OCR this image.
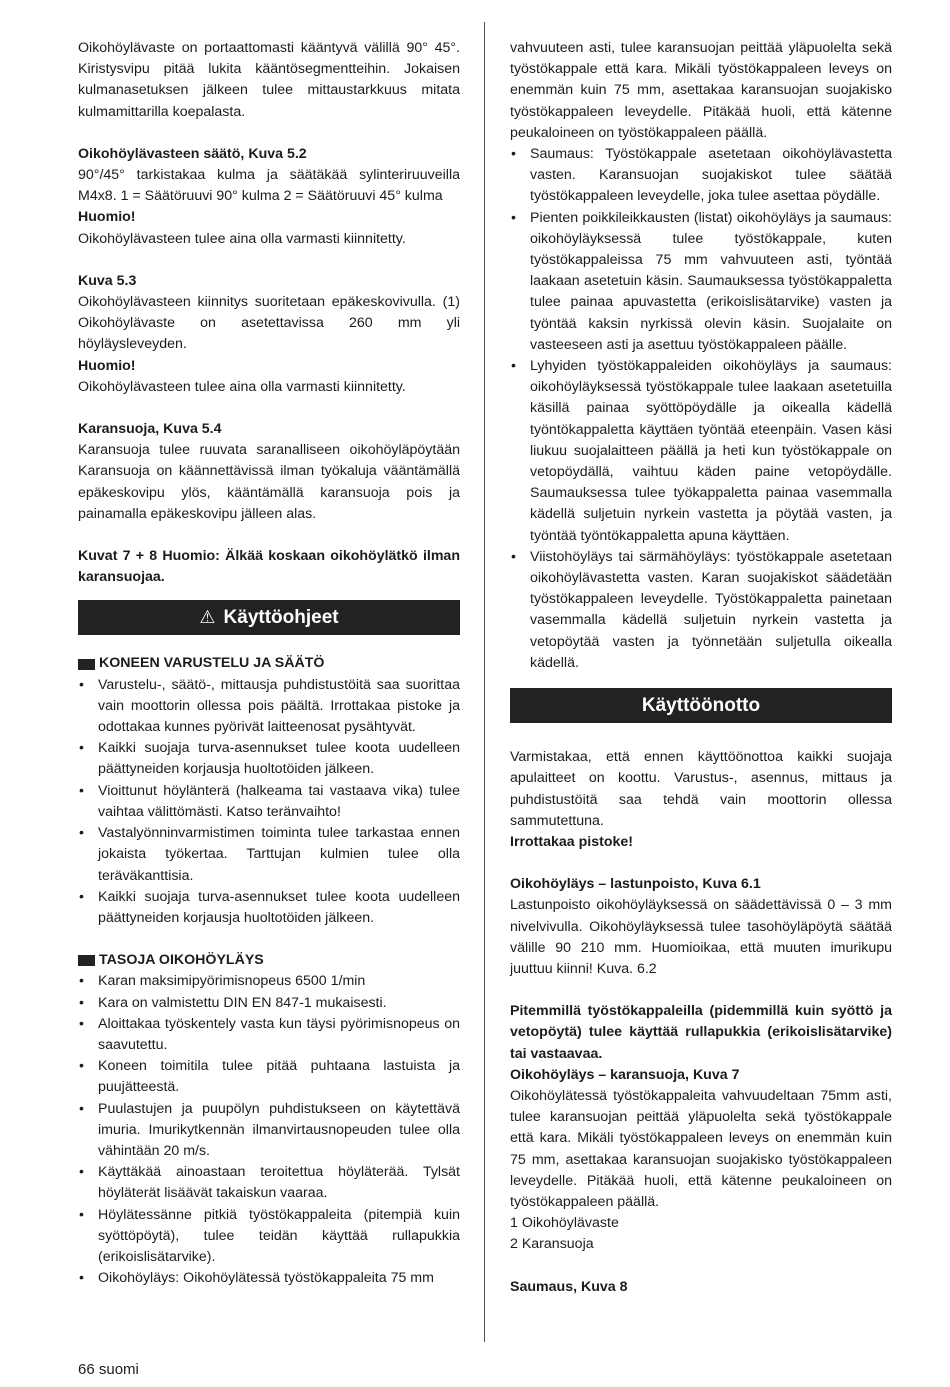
Oikohöylävaste on portaattomasti kääntyvä välillä 90° 45°. Kiristysvipu pitää lukita kääntösegmentteihin. Jokaisen kulmanasetuksen jälkeen tulee mittaustarkkuus mitata kulmamittarilla koepalasta.

Oikohöylävasteen säätö, Kuva 5.2

90°/45° tarkistakaa kulma ja säätäkää sylinteriruuveilla M4x8. 1 = Säätöruuvi 90° kulma 2 = Säätöruuvi 45° kulma

Huomio!

Oikohöylävasteen tulee aina olla varmasti kiinnitetty.

Kuva 5.3

Oikohöylävasteen kiinnitys suoritetaan epäkeskovivulla. (1) Oikohöylävaste on asetettavissa 260 mm yli höyläysleveyden.

Huomio!

Oikohöylävasteen tulee aina olla varmasti kiinnitetty.

Karansuoja, Kuva 5.4

Karansuoja tulee ruuvata saranalliseen oikohöyläpöytään Karansuoja on käännettävissä ilman työkaluja vääntämällä epäkeskovipu ylös, kääntämällä karansuoja pois ja painamalla epäkeskovipu jälleen alas.

Kuvat 7 + 8 Huomio: Älkää koskaan oikohöylätkö ilman karansuojaa.

⚠ Käyttöohjeet
KONEEN VARUSTELU JA SÄÄTÖ
• Varustelu-, säätö-, mittausja puhdistustöitä saa suorittaa vain moottorin ollessa pois päältä. Irrottakaa pistoke ja odottakaa kunnes pyörivät laitteenosat pysähtyvät.
• Kaikki suojaja turva-asennukset tulee koota uudelleen päättyneiden korjausja huoltotöiden jälkeen.
• Vioittunut höylänterä (halkeama tai vastaava vika) tulee vaihtaa välittömästi. Katso teränvaihto!
• Vastalyönninvarmistimen toiminta tulee tarkastaa ennen jokaista työkertaa. Tarttujan kulmien tulee olla teräväkanttisia.
• Kaikki suojaja turva-asennukset tulee koota uudelleen päättyneiden korjausja huoltotöiden jälkeen.
TASOJA OIKOHÖYLÄYS
• Karan maksimipyörimisnopeus 6500 1/min
• Kara on valmistettu DIN EN 847-1 mukaisesti.
• Aloittakaa työskentely vasta kun täysi pyörimisnopeus on saavutettu.
• Koneen toimitila tulee pitää puhtaana lastuista ja puujätteestä.
• Puulastujen ja puupölyn puhdistukseen on käytettävä imuria. Imurikytkennän ilmanvirtausnopeuden tulee olla vähintään 20 m/s.
• Käyttäkää ainoastaan teroitettua höyläterää. Tylsät höyläterät lisäävät takaiskun vaaraa.
• Höylätessänne pitkiä työstökappaleita (pitempiä kuin syöttöpöytä), tulee teidän käyttää rullapukkia (erikoislisätarvike).
• Oikohöyläys: Oikohöylätessä työstökappaleita 75 mm

vahvuuteen asti, tulee karansuojan peittää yläpuolelta sekä työstökappale että kara. Mikäli työstökappaleen leveys on enemmän kuin 75 mm, asettakaa karansuojan suojakisko työstökappaleen leveydelle. Pitäkää huoli, että kätenne peukaloineen on työstökappaleen päällä.

• Saumaus: Työstökappale asetetaan oikohöylävastetta vasten. Karansuojan suojakiskot tulee säätää työstökappaleen leveydelle, joka tulee asettaa pöydälle.
• Pienten poikkileikkausten (listat) oikohöyläys ja saumaus: oikohöyläyksessä tulee työstökappale, kuten työstökappaleissa 75 mm vahvuuteen asti, työntää laakaan asetetuin käsin. Saumauksessa työstökappaletta tulee painaa apuvastetta (erikoislisätarvike) vasten ja työntää kaksin nyrkissä olevin käsin. Suojalaite on vasteeseen asti ja asettuu työstökappaleen päälle.
• Lyhyiden työstökappaleiden oikohöyläys ja saumaus: oikohöyläyksessä työstökappale tulee laakaan asetetuilla käsillä painaa syöttöpöydälle ja oikealla kädellä työntökappaletta käyttäen työntää eteenpäin. Vasen käsi liukuu suojalaitteen päällä ja heti kun työstökappale on vetopöydällä, vaihtuu käden paine vetopöydälle. Saumauksessa tulee työkappaletta painaa vasemmalla kädellä suljetuin nyrkein vastetta ja pöytää vasten, ja työntää työntökappaletta apuna käyttäen.
• Viistohöyläys tai särmähöyläys: työstökappale asetetaan oikohöylävastetta vasten. Karan suojakiskot säädetään työstökappaleen leveydelle. Työstökappaletta painetaan vasemmalla kädellä suljetuin nyrkein vastetta ja vetopöytää vasten ja työnnetään suljetulla oikealla kädellä.
Käyttöönotto

Varmistakaa, että ennen käyttöönottoa kaikki suojaja apulaitteet on koottu. Varustus-, asennus, mittaus ja puhdistustöitä saa tehdä vain moottorin ollessa sammutettuna.

Irrottakaa pistoke!

Oikohöyläys – lastunpoisto, Kuva 6.1

Lastunpoisto oikohöyläyksessä on säädettävissä 0 – 3 mm nivelvivulla. Oikohöyläyksessä tulee tasohöyläpöytä säätää välille 90 210 mm. Huomioikaa, että muuten imurikupu juuttuu kiinni! Kuva. 6.2

Pitemmillä työstökappaleilla (pidemmillä kuin syöttö ja vetopöytä) tulee käyttää rullapukkia (erikoislisätarvike) tai vastaavaa.

Oikohöyläys – karansuoja, Kuva 7

Oikohöylätessä työstökappaleita vahvuudeltaan 75mm asti, tulee karansuojan peittää yläpuolelta sekä työstökappale että kara. Mikäli työstökappaleen leveys on enemmän kuin 75 mm, asettakaa karansuojan suojakisko työstökappaleen leveydelle. Pitäkää huoli, että kätenne peukaloineen on työstökappaleen päällä.

1 Oikohöylävaste

2 Karansuoja

Saumaus, Kuva 8

66 suomi
